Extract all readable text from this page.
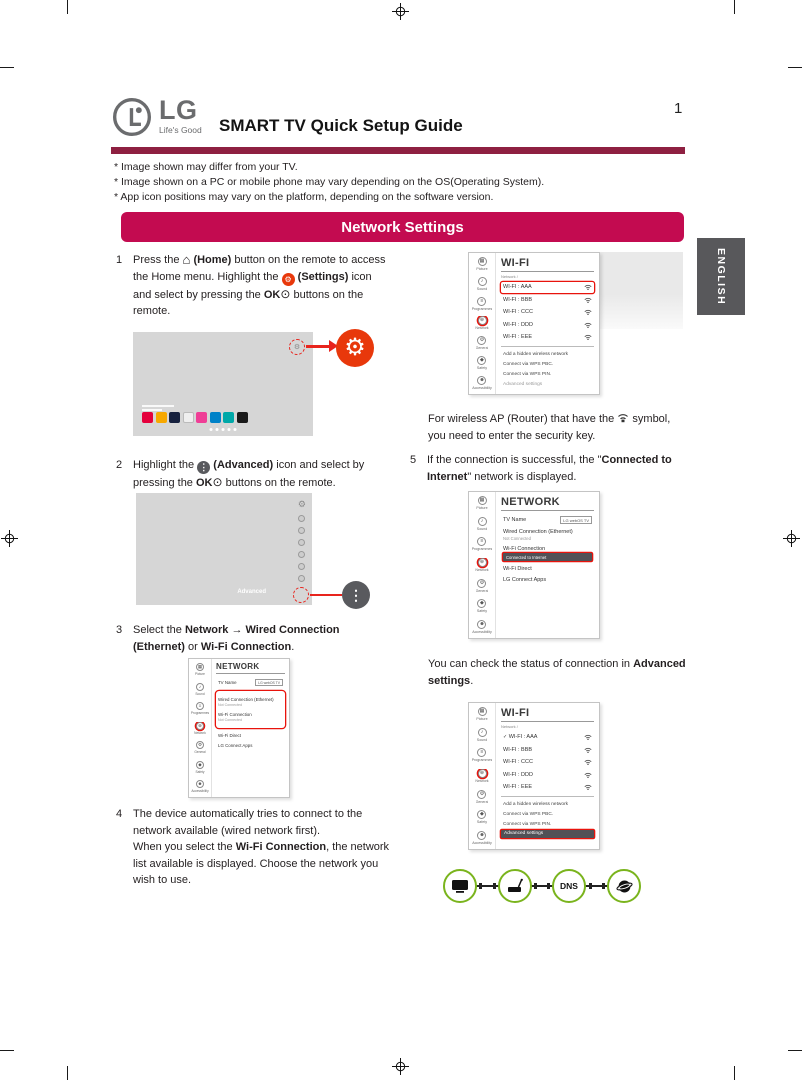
LG
Life's Good SMART TV Quick Setup Guide
1
* Image shown may differ from your TV.
* Image shown on a PC or mobile phone may vary depending on the OS(Operating System).
* App icon positions may vary on the platform, depending on the software version.
Network Settings
ENGLISH
1 Press the ⌂ (Home) button on the remote to access the Home menu. Highlight the ⚙ (Settings) icon and select by pressing the OK⊙ buttons on the remote.
⚙	⚙
2 Highlight the ⋮ (Advanced) icon and select by pressing the OK⊙ buttons on the remote.
⚙
Advanced	⋮
3 Select the Network → Wired Connection (Ethernet) or Wi-Fi Connection.
▦
Picture
♪
Sound
≡
Programmes
⊕
Network
⚙
General
◆
Safety
☻
Accessibility
NETWORK
TV Name	LG webOS TV
Wired Connection (Ethernet)
Not Connected
Wi-Fi Connection
Not Connected
Wi-Fi Direct
LG Connect Apps
4 The device automatically tries to connect to the network available (wired network first).
When you select the Wi-Fi Connection, the network list available is displayed. Choose the network you wish to use.
▦
Picture
♪
Sound
≡
Programmes
⊕
Network
⚙
General
◆
Safety
☻
Accessibility
WI-FI
Network /
WI-FI : AAA
WI-FI : BBB
WI-FI : CCC
WI-FI : DDD
WI-FI : EEE
Add a hidden wireless network
Connect via WPS PBC.
Connect via WPS PIN.
Advanced settings
For wireless AP (Router) that have the symbol, you need to enter the security key.
5 If the connection is successful, the "Connected to Internet" network is displayed.
▦
Picture
♪
Sound
≡
Programmes
⊕
Network
⚙
General
◆
Safety
☻
Accessibility
NETWORK
TV Name	LG webOS TV
Wired Connection (Ethernet)
Not Connected
Wi-Fi Connection
Connected to Internet
Wi-Fi Direct
LG Connect Apps
You can check the status of connection in Advanced settings.
▦
Picture
♪
Sound
≡
Programmes
⊕
Network
⚙
General
◆
Safety
☻
Accessibility
WI-FI
Network /
✓ WI-FI : AAA
WI-FI : BBB
WI-FI : CCC
WI-FI : DDD
WI-FI : EEE
Add a hidden wireless network
Connect via WPS PBC.
Connect via WPS PIN.
Advanced settings
DNS
